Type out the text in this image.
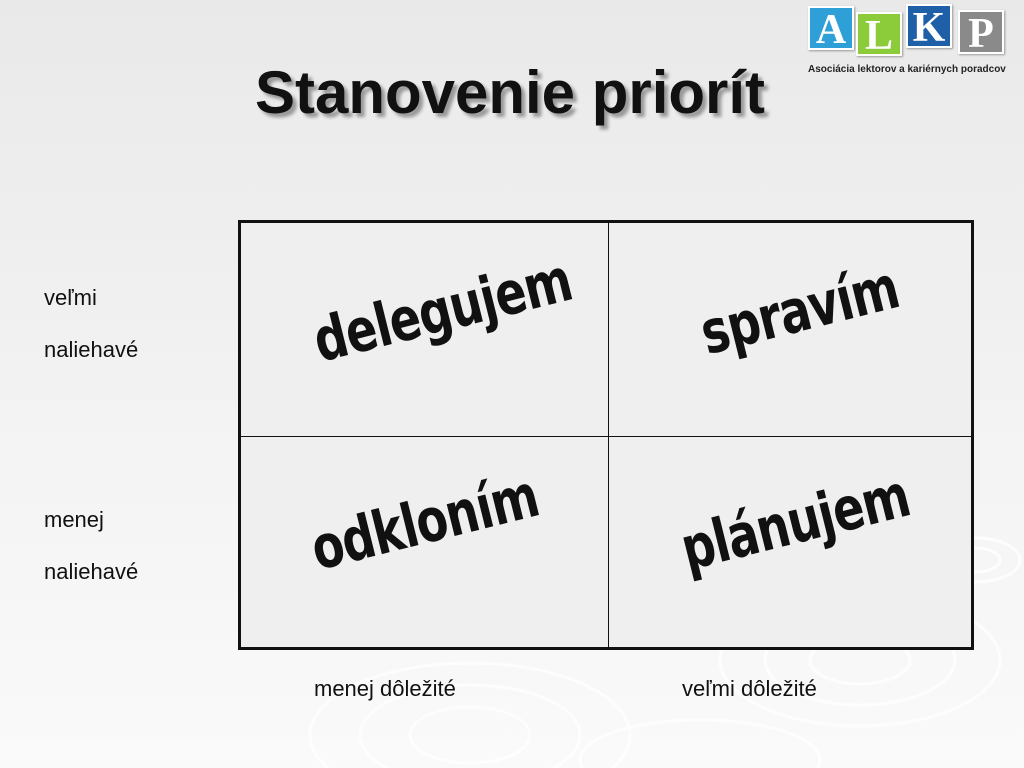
A L K P
Asociácia lektorov a kariérnych poradcov
Stanovenie priorít
veľmi
naliehavé
menej
naliehavé
delegujem	spravím
odkloním	plánujem
menej dôležité	veľmi dôležité
